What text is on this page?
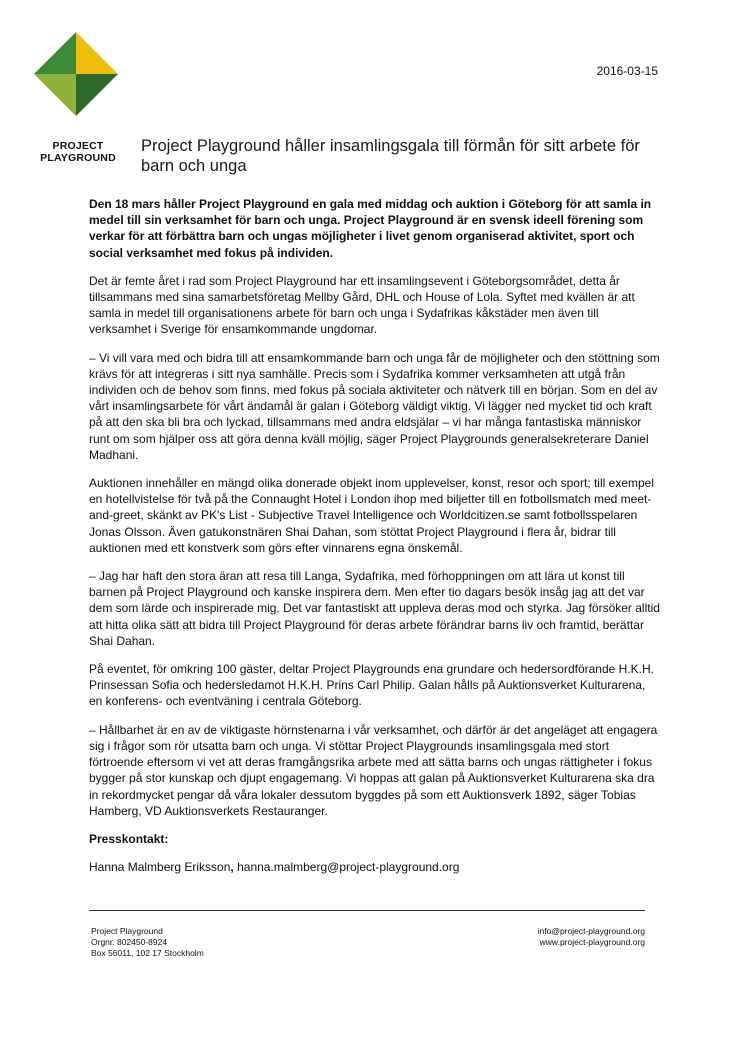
PROJECT
PLAYGROUND
2016-03-15
Project Playground håller insamlingsgala till förmån för sitt arbete för barn och unga

Den 18 mars håller Project Playground en gala med middag och auktion i Göteborg för att samla in medel till sin verksamhet för barn och unga. Project Playground är en svensk ideell förening som verkar för att förbättra barn och ungas möjligheter i livet genom organiserad aktivitet, sport och social verksamhet med fokus på individen.

Det är femte året i rad som Project Playground har ett insamlingsevent i Göteborgsområdet, detta år tillsammans med sina samarbetsföretag Mellby Gård, DHL och House of Lola. Syftet med kvällen är att samla in medel till organisationens arbete för barn och unga i Sydafrikas kåkstäder men även till verksamhet i Sverige för ensamkommande ungdomar.

– Vi vill vara med och bidra till att ensamkommande barn och unga får de möjligheter och den stöttning som krävs för att integreras i sitt nya samhälle. Precis som i Sydafrika kommer verksamheten att utgå från individen och de behov som finns, med fokus på sociala aktiviteter och nätverk till en början. Som en del av vårt insamlingsarbete för vårt ändamål är galan i Göteborg väldigt viktig. Vi lägger ned mycket tid och kraft på att den ska bli bra och lyckad, tillsammans med andra eldsjälar – vi har många fantastiska människor runt om som hjälper oss att göra denna kväll möjlig, säger Project Playgrounds generalsekreterare Daniel Madhani.

Auktionen innehåller en mängd olika donerade objekt inom upplevelser, konst, resor och sport; till exempel en hotellvistelse för två på the Connaught Hotel i London ihop med biljetter till en fotbollsmatch med meet-and-greet, skänkt av PK's List - Subjective Travel Intelligence och Worldcitizen.se samt fotbollsspelaren Jonas Olsson. Även gatukonstnären Shai Dahan, som stöttat Project Playground i flera år, bidrar till auktionen med ett konstverk som görs efter vinnarens egna önskemål.

– Jag har haft den stora äran att resa till Langa, Sydafrika, med förhoppningen om att lära ut konst till barnen på Project Playground och kanske inspirera dem. Men efter tio dagars besök insåg jag att det var dem som lärde och inspirerade mig. Det var fantastiskt att uppleva deras mod och styrka. Jag försöker alltid att hitta olika sätt att bidra till Project Playground för deras arbete förändrar barns liv och framtid, berättar Shai Dahan.

På eventet, för omkring 100 gäster, deltar Project Playgrounds ena grundare och hedersordförande H.K.H. Prinsessan Sofia och hedersledamot H.K.H. Prins Carl Philip. Galan hålls på Auktionsverket Kulturarena, en konferens- och eventväning i centrala Göteborg.

– Hållbarhet är en av de viktigaste hörnstenarna i vår verksamhet, och därför är det angeläget att engagera sig i frågor som rör utsatta barn och unga. Vi stöttar Project Playgrounds insamlingsgala med stort förtroende eftersom vi vet att deras framgångsrika arbete med att sätta barns och ungas rättigheter i fokus bygger på stor kunskap och djupt engagemang. Vi hoppas att galan på Auktionsverket Kulturarena ska dra in rekordmycket pengar då våra lokaler dessutom byggdes på som ett Auktionsverk 1892, säger Tobias Hamberg, VD Auktionsverkets Restauranger.

Presskontakt:

Hanna Malmberg Eriksson, hanna.malmberg@project-playground.org

Project Playground
Orgnr. 802450-8924
Box 56011, 102 17 Stockholm
info@project-playground.org
www.project-playground.org
